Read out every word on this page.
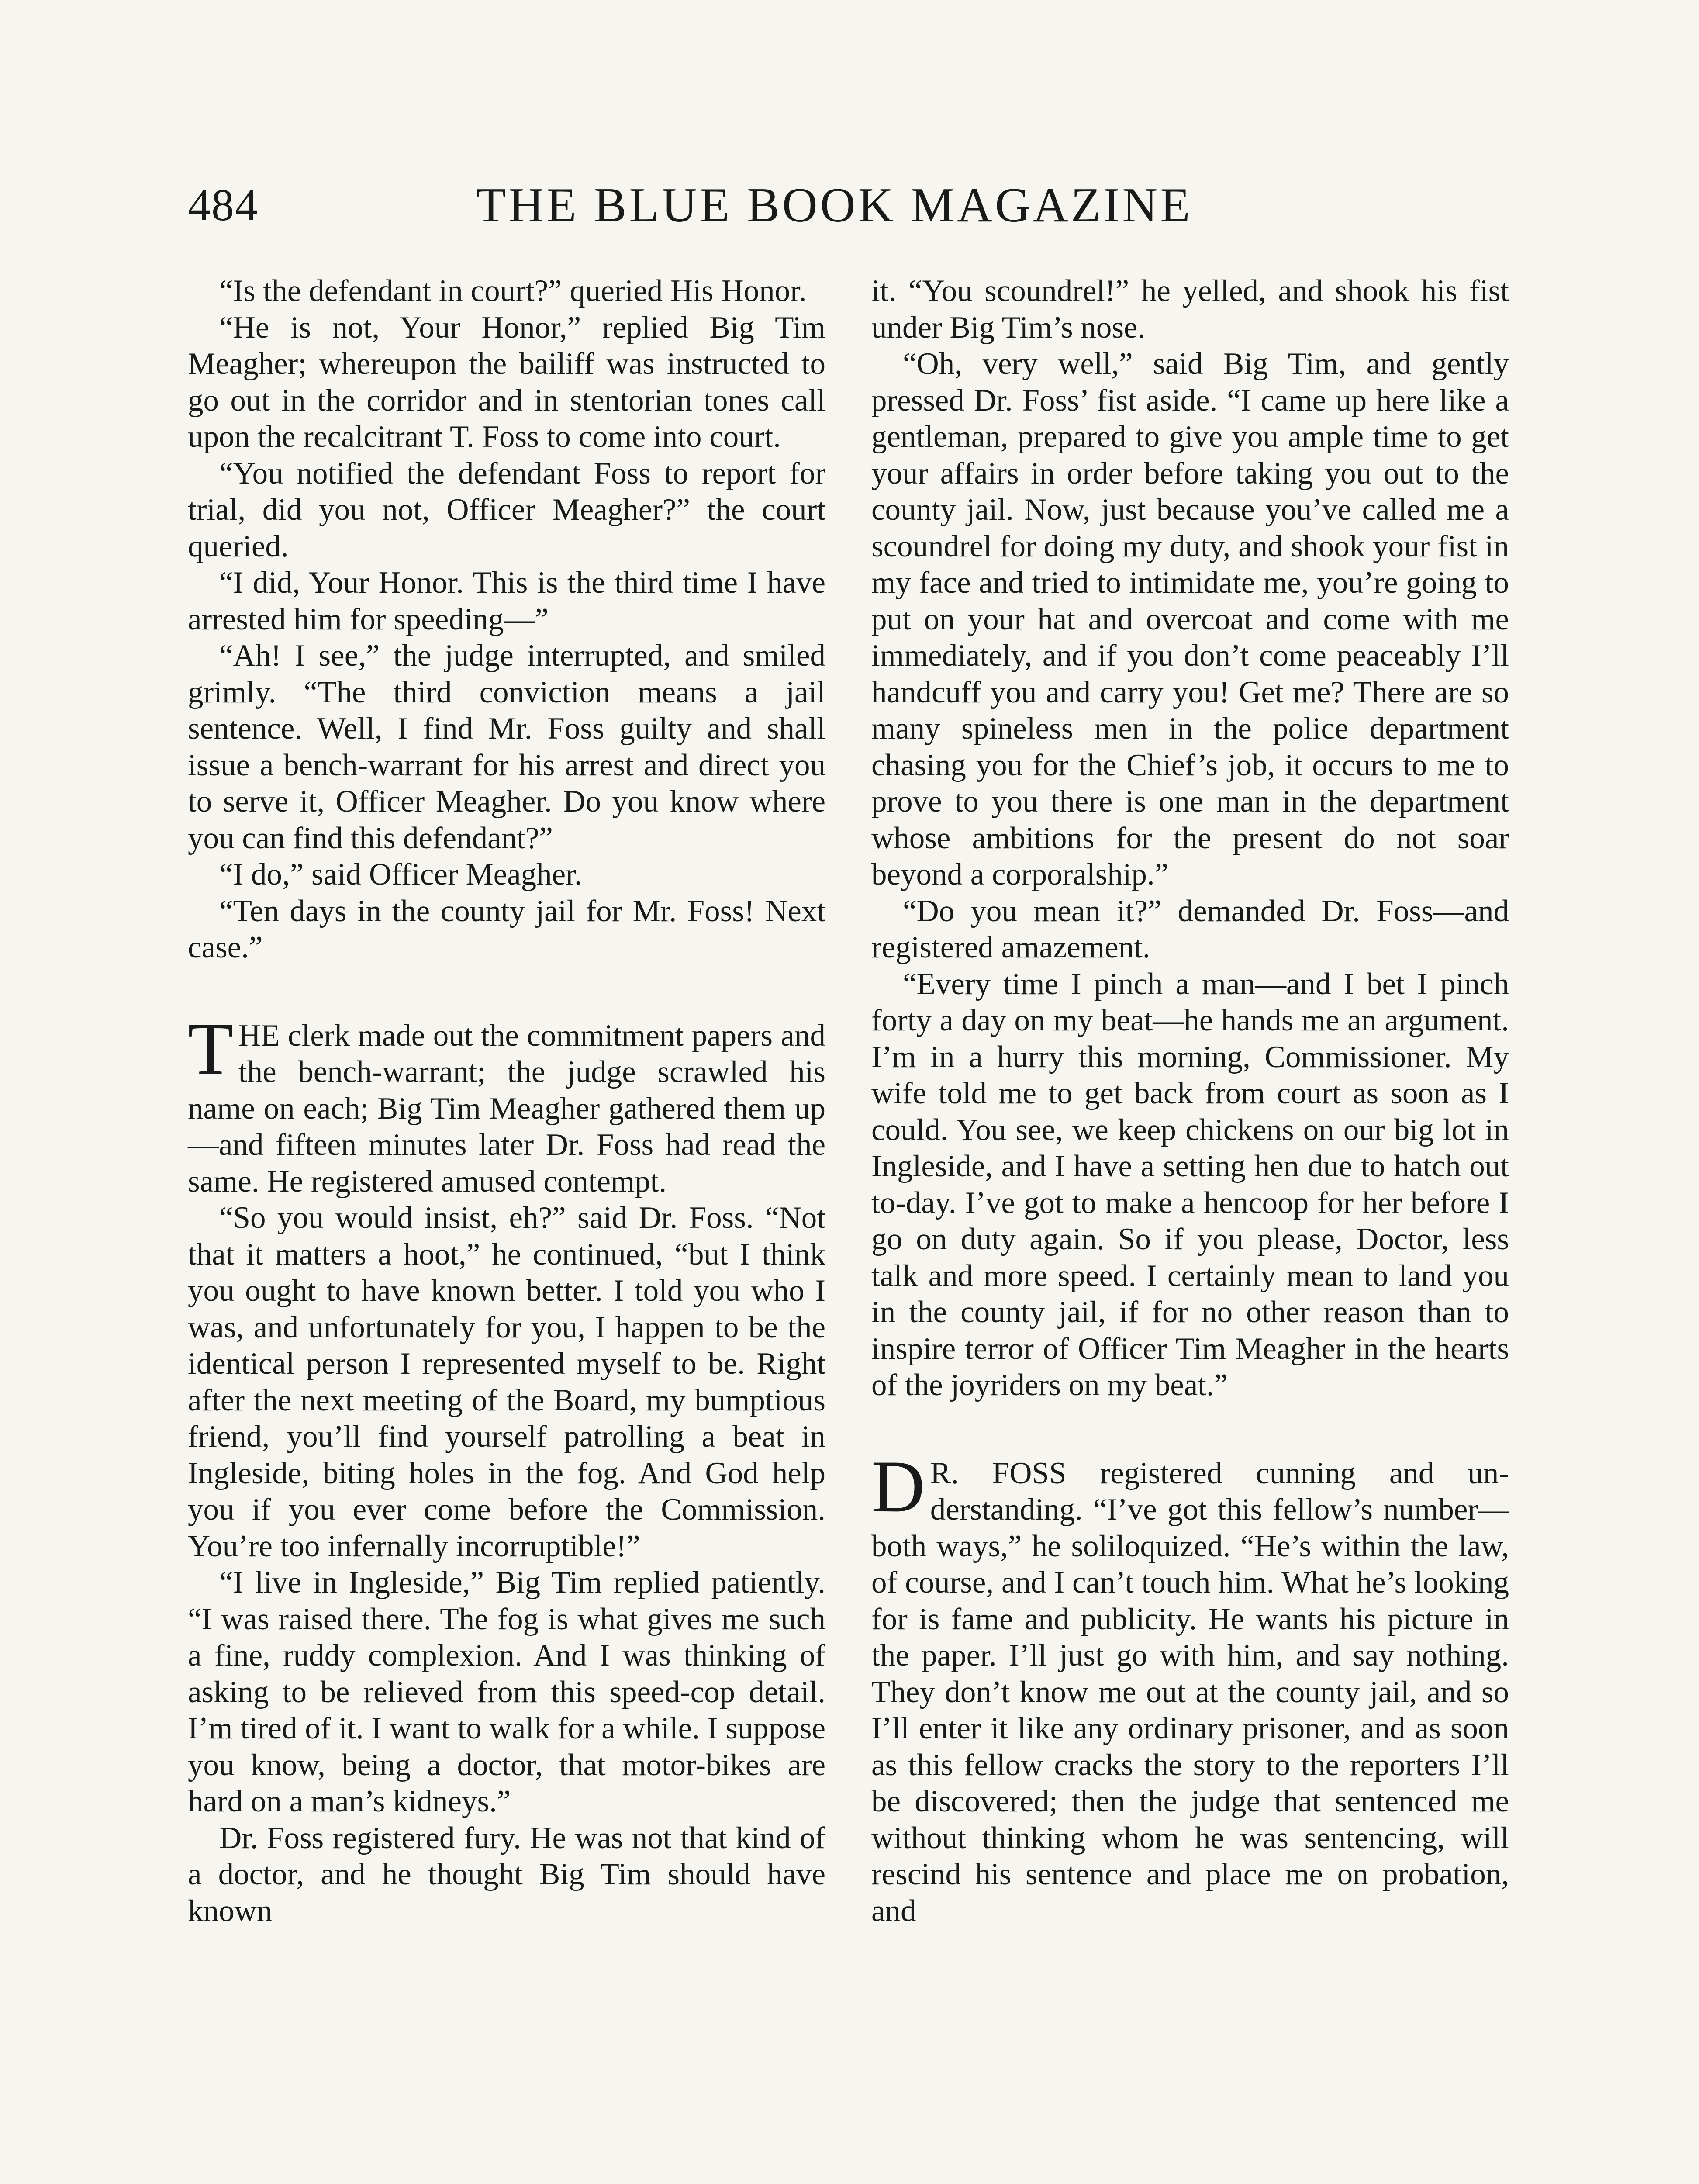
484	THE BLUE BOOK MAGAZINE

“Is the defendant in court?” queried His Honor.

“He is not, Your Honor,” replied Big Tim Meagher; whereupon the bailiff was instructed to go out in the corridor and in stentorian tones call upon the recalcitrant T. Foss to come into court.

“You notified the defendant Foss to report for trial, did you not, Officer Meagher?” the court queried.

“I did, Your Honor. This is the third time I have arrested him for speeding—”

“Ah! I see,” the judge interrupted, and smiled grimly. “The third conviction means a jail sentence. Well, I find Mr. Foss guilty and shall issue a bench-warrant for his arrest and direct you to serve it, Officer Meagher. Do you know where you can find this defendant?”

“I do,” said Officer Meagher.

“Ten days in the county jail for Mr. Foss! Next case.”

THE clerk made out the commitment papers and the bench-warrant; the judge scrawled his name on each; Big Tim Meagher gathered them up—and fifteen minutes later Dr. Foss had read the same. He registered amused contempt.

“So you would insist, eh?” said Dr. Foss. “Not that it matters a hoot,” he continued, “but I think you ought to have known better. I told you who I was, and unfortunately for you, I happen to be the identical person I represented myself to be. Right after the next meeting of the Board, my bumptious friend, you’ll find yourself patrolling a beat in Ingleside, biting holes in the fog. And God help you if you ever come before the Commission. You’re too infernally incorruptible!”

“I live in Ingleside,” Big Tim replied patiently. “I was raised there. The fog is what gives me such a fine, ruddy complexion. And I was thinking of asking to be relieved from this speed-cop detail. I’m tired of it. I want to walk for a while. I suppose you know, being a doctor, that motor-bikes are hard on a man’s kidneys.”

Dr. Foss registered fury. He was not that kind of a doctor, and he thought Big Tim should have known

it. “You scoundrel!” he yelled, and shook his fist under Big Tim’s nose.

“Oh, very well,” said Big Tim, and gently pressed Dr. Foss’ fist aside. “I came up here like a gentleman, prepared to give you ample time to get your affairs in order before taking you out to the county jail. Now, just because you’ve called me a scoundrel for doing my duty, and shook your fist in my face and tried to intimidate me, you’re going to put on your hat and overcoat and come with me immediately, and if you don’t come peaceably I’ll handcuff you and carry you! Get me? There are so many spineless men in the police department chasing you for the Chief’s job, it occurs to me to prove to you there is one man in the department whose ambitions for the present do not soar beyond a corporalship.”

“Do you mean it?” demanded Dr. Foss—and registered amazement.

“Every time I pinch a man—and I bet I pinch forty a day on my beat—he hands me an argument. I’m in a hurry this morning, Commissioner. My wife told me to get back from court as soon as I could. You see, we keep chickens on our big lot in Ingleside, and I have a setting hen due to hatch out to-day. I’ve got to make a hencoop for her before I go on duty again. So if you please, Doctor, less talk and more speed. I certainly mean to land you in the county jail, if for no other reason than to inspire terror of Officer Tim Meagher in the hearts of the joyriders on my beat.”

D R. FOSS registered cunning and understanding. “I’ve got this fellow’s number—both ways,” he soliloquized. “He’s within the law, of course, and I can’t touch him. What he’s looking for is fame and publicity. He wants his picture in the paper. I’ll just go with him, and say nothing. They don’t know me out at the county jail, and so I’ll enter it like any ordinary prisoner, and as soon as this fellow cracks the story to the reporters I’ll be discovered; then the judge that sentenced me without thinking whom he was sentencing, will rescind his sentence and place me on probation, and
